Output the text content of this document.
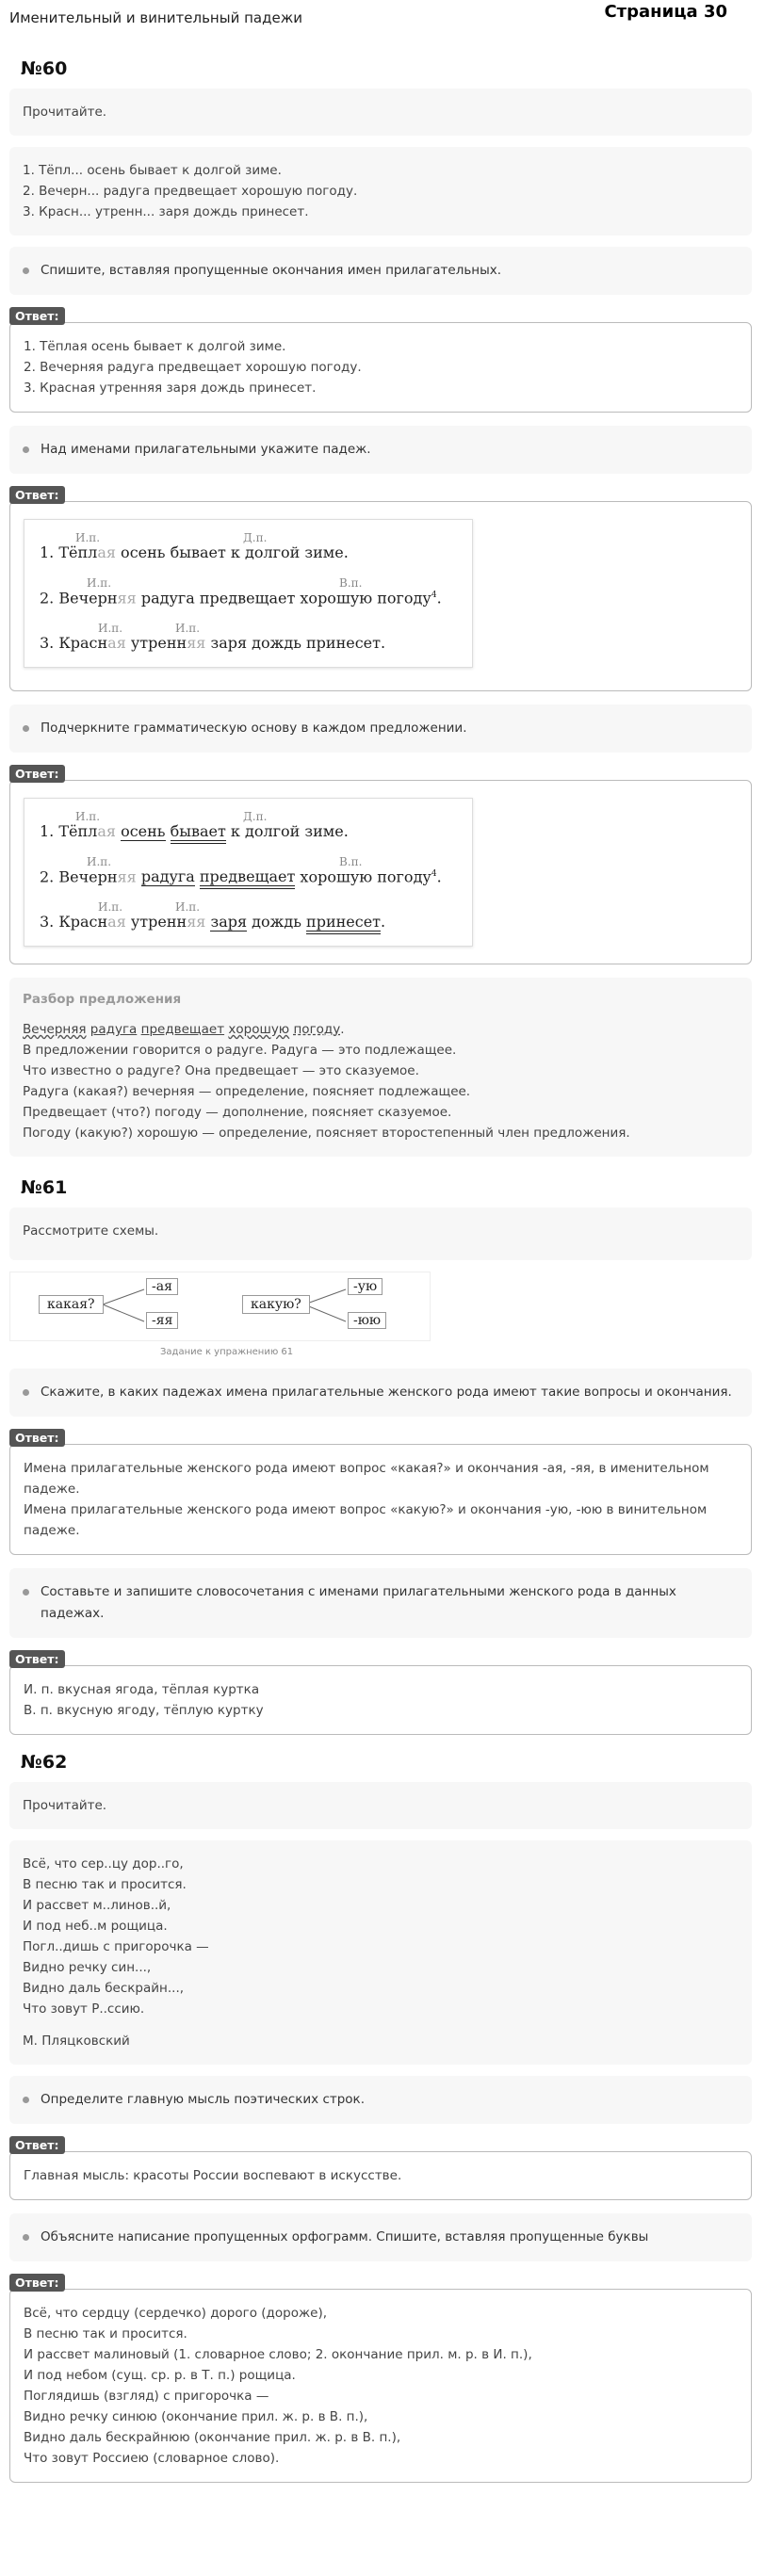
Именительный и винительный падежи	Страница 30
№60
Прочитайте.
1. Тёпл... осень бывает к долгой зиме.
2. Вечерн... радуга предвещает хорошую погоду.
3. Красн... утренн... заря дождь принесет.
Спишите, вставляя пропущенные окончания имен прилагательных.
Ответ:
1. Тёплая осень бывает к долгой зиме.
2. Вечерняя радуга предвещает хорошую погоду.
3. Красная утренняя заря дождь принесет.
Над именами прилагательными укажите падеж.
Ответ:
И.п.	Д.п.
1. Тёплая осень бывает к долгой зиме.
И.п.	В.п.
2. Вечерняя радуга предвещает хорошую погоду$^4$.
И.п.	И.п.
3. Красная утренняя заря дождь принесет.
Подчеркните грамматическую основу в каждом предложении.
Ответ:
И.п.	Д.п.
1. Тёплая осень бывает к долгой зиме.
И.п.	В.п.
2. Вечерняя радуга предвещает хорошую погоду$^4$.
И.п.	И.п.
3. Красная утренняя заря дождь принесет.
Разбор предложения
Вечерняя радуга предвещает хорошую погоду.
В предложении говорится о радуге. Радуга — это подлежащее.
Что известно о радуге? Она предвещает — это сказуемое.
Радуга (какая?) вечерняя — определение, поясняет подлежащее.
Предвещает (что?) погоду — дополнение, поясняет сказуемое.
Погоду (какую?) хорошую — определение, поясняет второстепенный член предложения.
№61
Рассмотрите схемы.
какая?
-ая
-яя
какую?
-ую
-юю
Задание к упражнению 61
Скажите, в каких падежах имена прилагательные женского рода имеют такие вопросы и окончания.
Ответ:
Имена прилагательные женского рода имеют вопрос «какая?» и окончания -ая, -яя, в именительном падеже.
Имена прилагательные женского рода имеют вопрос «какую?» и окончания -ую, -юю в винительном падеже.
Составьте и запишите словосочетания с именами прилагательными женского рода в данных падежах.
Ответ:
И. п. вкусная ягода, тёплая куртка
В. п. вкусную ягоду, тёплую куртку
№62
Прочитайте.
Всё, что сер..цу дор..го,
В песню так и просится.
И рассвет м..линов..й,
И под неб..м рощица.
Погл..дишь с пригорочка —
Видно речку син...,
Видно даль бескрайн...,
Что зовут Р..ссию.
М. Пляцковский
Определите главную мысль поэтических строк.
Ответ:
Главная мысль: красоты России воспевают в искусстве.
Объясните написание пропущенных орфограмм. Спишите, вставляя пропущенные буквы
Ответ:
Всё, что сердцу (сердечко) дорого (дороже),
В песню так и просится.
И рассвет малиновый (1. словарное слово; 2. окончание прил. м. р. в И. п.),
И под небом (сущ. ср. р. в Т. п.) рощица.
Поглядишь (взгляд) с пригорочка —
Видно речку синюю (окончание прил. ж. р. в В. п.),
Видно даль бескрайнюю (окончание прил. ж. р. в В. п.),
Что зовут Россиею (словарное слово).
